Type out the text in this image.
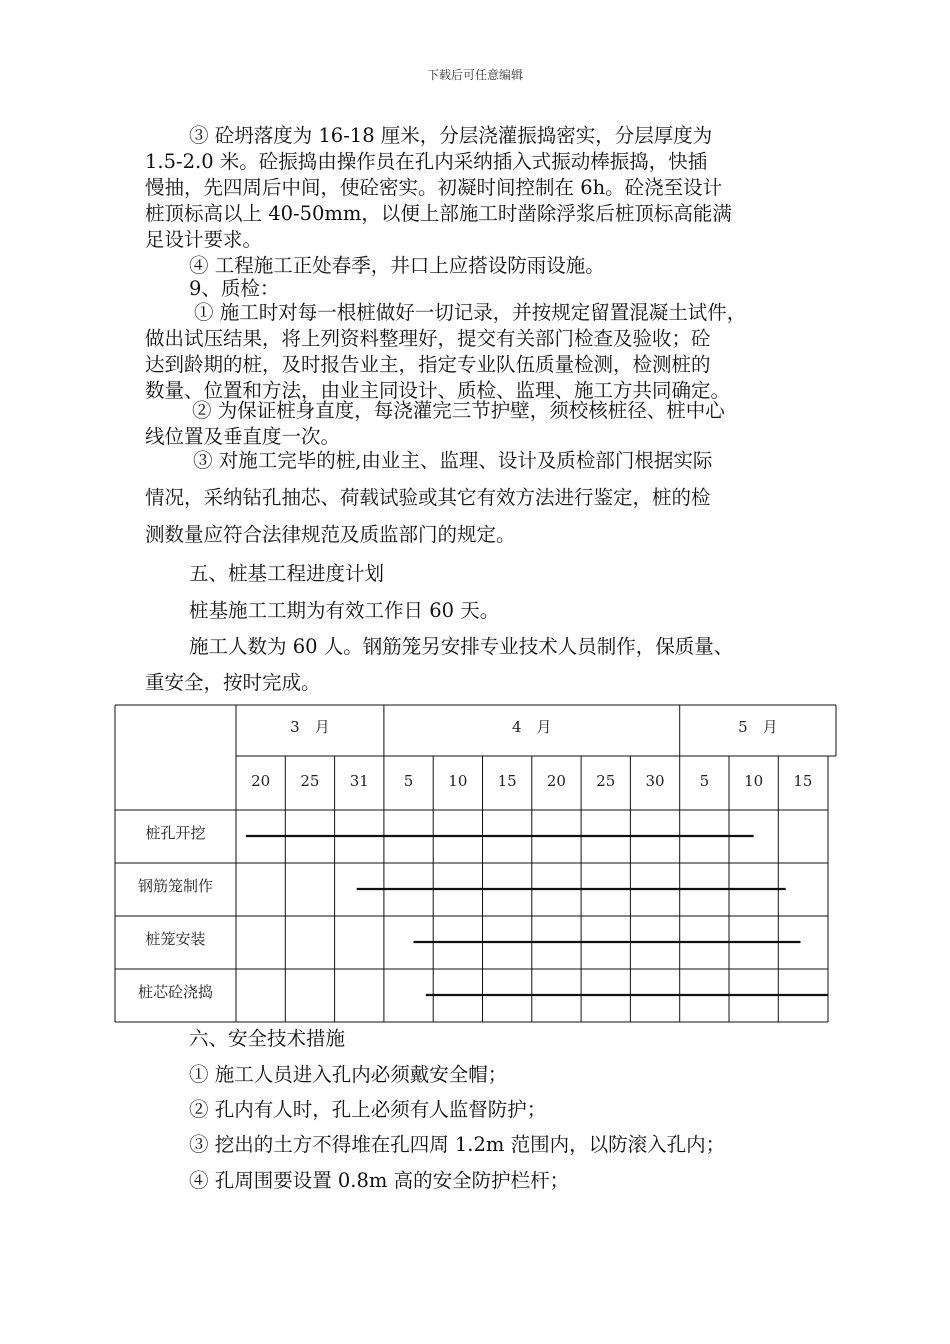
下载后可任意编辑
③ 砼坍落度为 16-18 厘米，分层浇灌振捣密实，分层厚度为
1.5-2.0 米。砼振捣由操作员在孔内采纳插入式振动棒振捣，快插
慢抽，先四周后中间，使砼密实。初凝时间控制在 6h。砼浇至设计
桩顶标高以上 40-50mm，以便上部施工时凿除浮浆后桩顶标高能满
足设计要求。
④ 工程施工正处春季，井口上应搭设防雨设施。
9、质检：
① 施工时对每一根桩做好一切记录，并按规定留置混凝土试件，
做出试压结果，将上列资料整理好，提交有关部门检查及验收；砼
达到龄期的桩，及时报告业主，指定专业队伍质量检测，检测桩的
数量、位置和方法，由业主同设计、质检、监理、施工方共同确定。
② 为保证桩身直度，每浇灌完三节护壁，须校核桩径、桩中心
线位置及垂直度一次。
③ 对施工完毕的桩,由业主、监理、设计及质检部门根据实际
情况，采纳钻孔抽芯、荷载试验或其它有效方法进行鉴定，桩的检
测数量应符合法律规范及质监部门的规定。
五、桩基工程进度计划
桩基施工工期为有效工作日 60 天。
施工人数为 60 人。钢筋笼另安排专业技术人员制作，保质量、
重安全，按时完成。
3　月	4　月	5　月
20 25 31 5 10 15 20 25 30 5 10 15
桩孔开挖
钢筋笼制作
桩笼安装
桩芯砼浇捣
六、安全技术措施
① 施工人员进入孔内必须戴安全帽；
② 孔内有人时，孔上必须有人监督防护；
③ 挖出的土方不得堆在孔四周 1.2m 范围内，以防滚入孔内；
④ 孔周围要设置 0.8m 高的安全防护栏杆；
